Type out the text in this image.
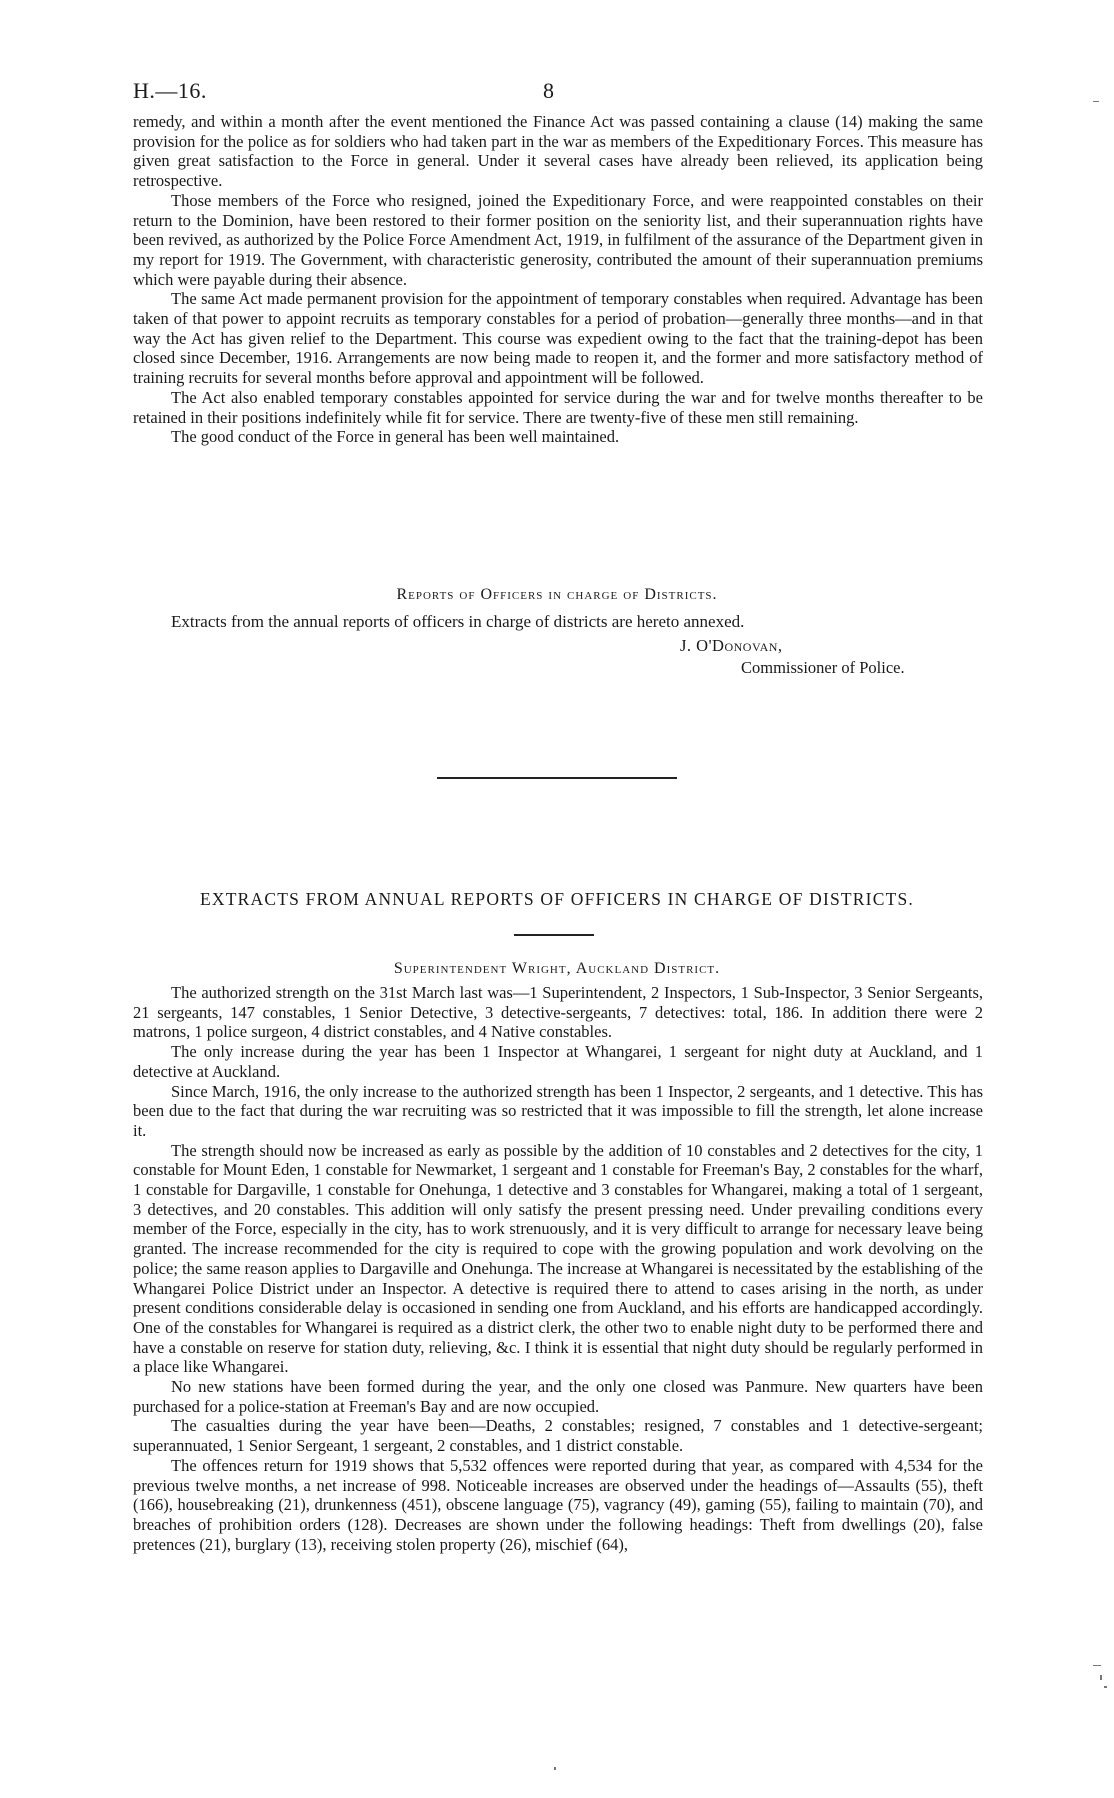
H.—16.	8

remedy, and within a month after the event mentioned the Finance Act was passed containing a clause (14) making the same provision for the police as for soldiers who had taken part in the war as members of the Expeditionary Forces. This measure has given great satisfaction to the Force in general. Under it several cases have already been relieved, its application being retrospective.

Those members of the Force who resigned, joined the Expeditionary Force, and were reappointed constables on their return to the Dominion, have been restored to their former position on the seniority list, and their superannuation rights have been revived, as authorized by the Police Force Amendment Act, 1919, in fulfilment of the assurance of the Department given in my report for 1919. The Government, with characteristic generosity, contributed the amount of their superannuation premiums which were payable during their absence.

The same Act made permanent provision for the appointment of temporary constables when required. Advantage has been taken of that power to appoint recruits as temporary constables for a period of probation—generally three months—and in that way the Act has given relief to the Department. This course was expedient owing to the fact that the training-depot has been closed since December, 1916. Arrangements are now being made to reopen it, and the former and more satisfactory method of training recruits for several months before approval and appointment will be followed.

The Act also enabled temporary constables appointed for service during the war and for twelve months thereafter to be retained in their positions indefinitely while fit for service. There are twenty-five of these men still remaining.

The good conduct of the Force in general has been well maintained.

Reports of Officers in charge of Districts.
Extracts from the annual reports of officers in charge of districts are hereto annexed.
J. O'Donovan,
Commissioner of Police.
EXTRACTS FROM ANNUAL REPORTS OF OFFICERS IN CHARGE OF DISTRICTS.
Superintendent Wright, Auckland District.

The authorized strength on the 31st March last was—1 Superintendent, 2 Inspectors, 1 Sub-Inspector, 3 Senior Sergeants, 21 sergeants, 147 constables, 1 Senior Detective, 3 detective-sergeants, 7 detectives: total, 186. In addition there were 2 matrons, 1 police surgeon, 4 district constables, and 4 Native constables.

The only increase during the year has been 1 Inspector at Whangarei, 1 sergeant for night duty at Auckland, and 1 detective at Auckland.

Since March, 1916, the only increase to the authorized strength has been 1 Inspector, 2 sergeants, and 1 detective. This has been due to the fact that during the war recruiting was so restricted that it was impossible to fill the strength, let alone increase it.

The strength should now be increased as early as possible by the addition of 10 constables and 2 detectives for the city, 1 constable for Mount Eden, 1 constable for Newmarket, 1 sergeant and 1 constable for Freeman's Bay, 2 constables for the wharf, 1 constable for Dargaville, 1 constable for Onehunga, 1 detective and 3 constables for Whangarei, making a total of 1 sergeant, 3 detectives, and 20 constables. This addition will only satisfy the present pressing need. Under prevailing conditions every member of the Force, especially in the city, has to work strenuously, and it is very difficult to arrange for necessary leave being granted. The increase recommended for the city is required to cope with the growing population and work devolving on the police; the same reason applies to Dargaville and Onehunga. The increase at Whangarei is necessitated by the establishing of the Whangarei Police District under an Inspector. A detective is required there to attend to cases arising in the north, as under present conditions considerable delay is occasioned in sending one from Auckland, and his efforts are handicapped accordingly. One of the constables for Whangarei is required as a district clerk, the other two to enable night duty to be performed there and have a constable on reserve for station duty, relieving, &c. I think it is essential that night duty should be regularly performed in a place like Whangarei.

No new stations have been formed during the year, and the only one closed was Panmure. New quarters have been purchased for a police-station at Freeman's Bay and are now occupied.

The casualties during the year have been—Deaths, 2 constables; resigned, 7 constables and 1 detective-sergeant; superannuated, 1 Senior Sergeant, 1 sergeant, 2 constables, and 1 district constable.

The offences return for 1919 shows that 5,532 offences were reported during that year, as compared with 4,534 for the previous twelve months, a net increase of 998. Noticeable increases are observed under the headings of—Assaults (55), theft (166), housebreaking (21), drunkenness (451), obscene language (75), vagrancy (49), gaming (55), failing to maintain (70), and breaches of prohibition orders (128). Decreases are shown under the following headings: Theft from dwellings (20), false pretences (21), burglary (13), receiving stolen property (26), mischief (64),
